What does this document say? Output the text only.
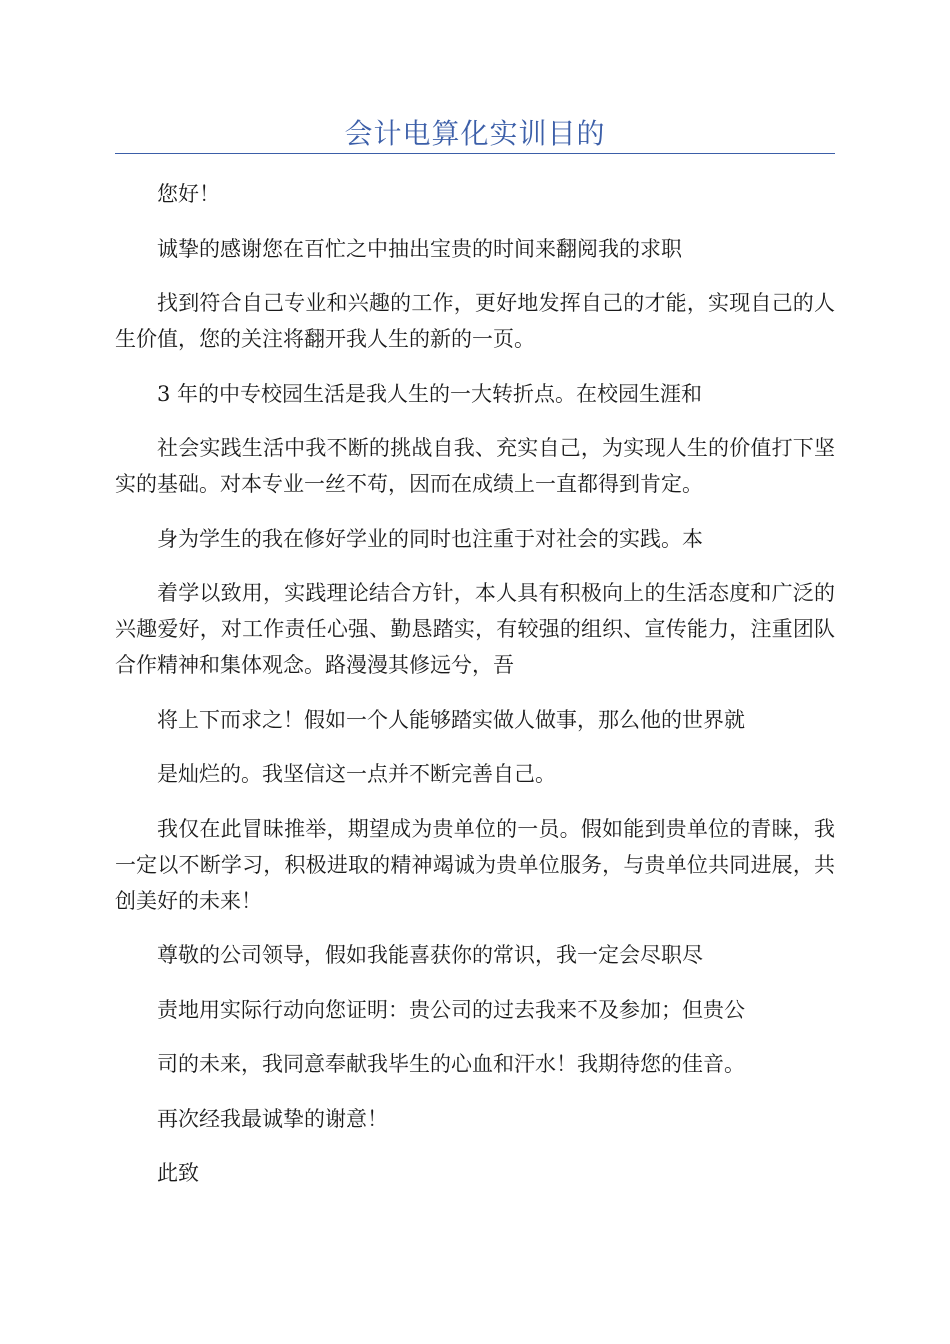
会计电算化实训目的

您好！

诚挚的感谢您在百忙之中抽出宝贵的时间来翻阅我的求职

找到符合自己专业和兴趣的工作，更好地发挥自己的才能，实现自己的人生价值，您的关注将翻开我人生的新的一页。

3 年的中专校园生活是我人生的一大转折点。在校园生涯和

社会实践生活中我不断的挑战自我、充实自己，为实现人生的价值打下坚实的基础。对本专业一丝不苟，因而在成绩上一直都得到肯定。

身为学生的我在修好学业的同时也注重于对社会的实践。本

着学以致用，实践理论结合方针，本人具有积极向上的生活态度和广泛的兴趣爱好，对工作责任心强、勤恳踏实，有较强的组织、宣传能力，注重团队合作精神和集体观念。路漫漫其修远兮，吾

将上下而求之！假如一个人能够踏实做人做事，那么他的世界就

是灿烂的。我坚信这一点并不断完善自己。

我仅在此冒昧推举，期望成为贵单位的一员。假如能到贵单位的青睐，我一定以不断学习，积极进取的精神竭诚为贵单位服务，与贵单位共同进展，共创美好的未来！

尊敬的公司领导，假如我能喜获你的常识，我一定会尽职尽

责地用实际行动向您证明：贵公司的过去我来不及参加；但贵公

司的未来，我同意奉献我毕生的心血和汗水！我期待您的佳音。

再次经我最诚挚的谢意！

此致
